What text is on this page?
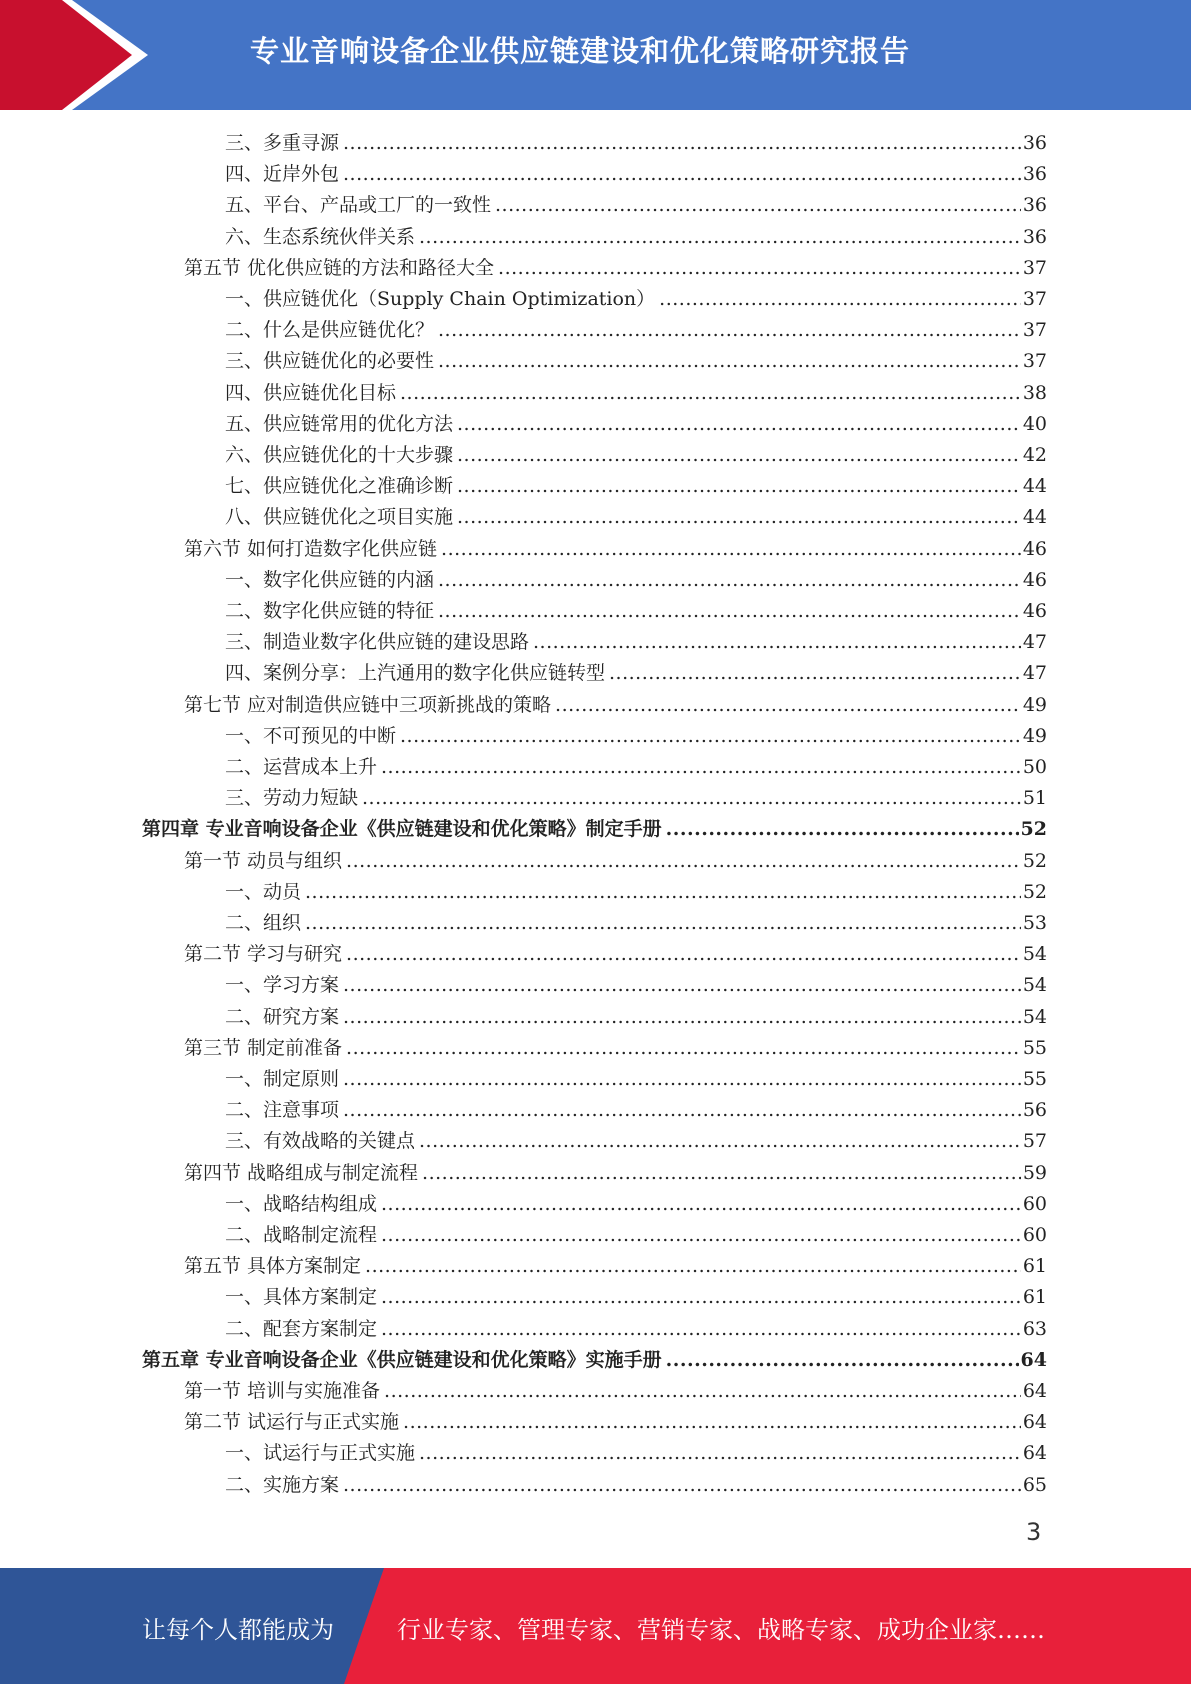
专业音响设备企业供应链建设和优化策略研究报告
三、多重寻源 .....	36
四、近岸外包 .....	36
五、平台、产品或工厂的一致性 .....	36
六、生态系统伙伴关系 .....	36
第五节 优化供应链的方法和路径大全 .....	37
一、供应链优化（Supply Chain Optimization） .....	37
二、什么是供应链优化？ .....	37
三、供应链优化的必要性 .....	37
四、供应链优化目标 .....	38
五、供应链常用的优化方法 .....	40
六、供应链优化的十大步骤 .....	42
七、供应链优化之准确诊断 .....	44
八、供应链优化之项目实施 .....	44
第六节 如何打造数字化供应链 .....	46
一、数字化供应链的内涵 .....	46
二、数字化供应链的特征 .....	46
三、制造业数字化供应链的建设思路 .....	47
四、案例分享：上汽通用的数字化供应链转型 .....	47
第七节 应对制造供应链中三项新挑战的策略 .....	49
一、不可预见的中断 .....	49
二、运营成本上升 .....	50
三、劳动力短缺 .....	51
第四章 专业音响设备企业《供应链建设和优化策略》制定手册 .....	52
第一节 动员与组织 .....	52
一、动员 .....	52
二、组织 .....	53
第二节 学习与研究 .....	54
一、学习方案 .....	54
二、研究方案 .....	54
第三节 制定前准备 .....	55
一、制定原则 .....	55
二、注意事项 .....	56
三、有效战略的关键点 .....	57
第四节 战略组成与制定流程 .....	59
一、战略结构组成 .....	60
二、战略制定流程 .....	60
第五节 具体方案制定 .....	61
一、具体方案制定 .....	61
二、配套方案制定 .....	63
第五章 专业音响设备企业《供应链建设和优化策略》实施手册 .....	64
第一节 培训与实施准备 .....	64
第二节 试运行与正式实施 .....	64
一、试运行与正式实施 .....	64
二、实施方案 .....	65
3
让每个人都能成为	行业专家、管理专家、营销专家、战略专家、成功企业家……
